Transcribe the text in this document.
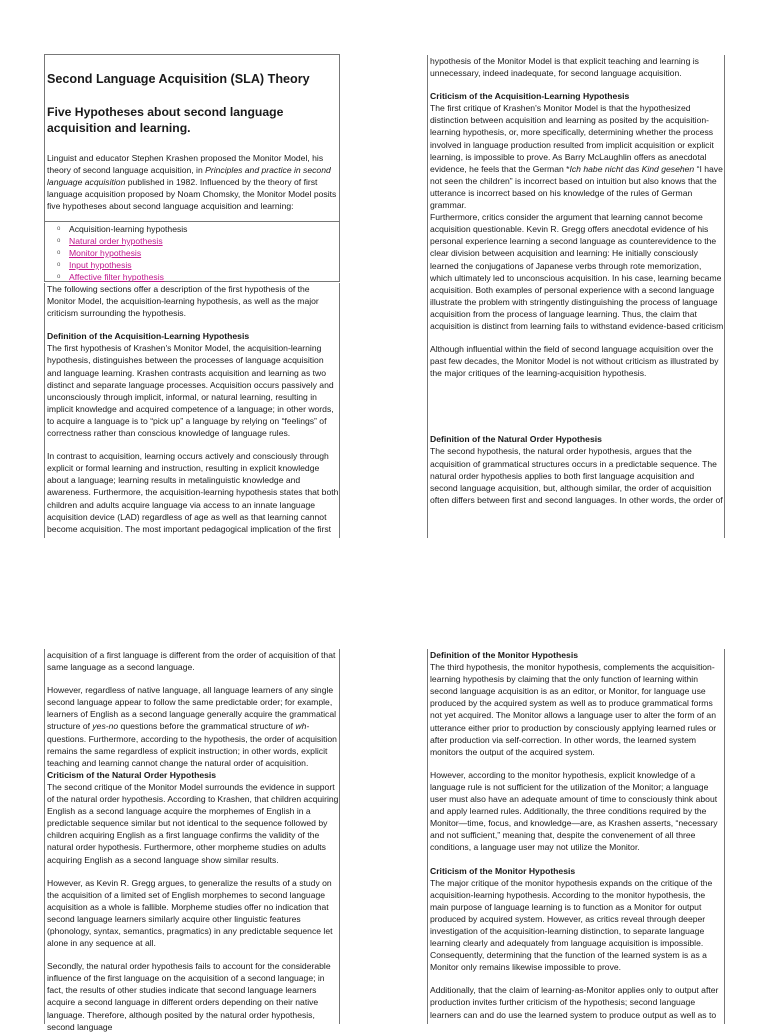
Second Language Acquisition (SLA) Theory
Five Hypotheses about second language acquisition and learning.

Linguist and educator Stephen Krashen proposed the Monitor Model, his theory of second language acquisition, in Principles and practice in second language acquisition published in 1982. Influenced by the theory of first language acquisition proposed by Noam Chomsky, the Monitor Model posits five hypotheses about second language acquisition and learning:

o Acquisition-learning hypothesis
o Natural order hypothesis
o Monitor hypothesis
o Input hypothesis
o Affective filter hypothesis

The following sections offer a description of the first hypothesis of the Monitor Model, the acquisition-learning hypothesis, as well as the major criticism surrounding the hypothesis.

Definition of the Acquisition-Learning Hypothesis

The first hypothesis of Krashen's Monitor Model, the acquisition-learning hypothesis, distinguishes between the processes of language acquisition and language learning. Krashen contrasts acquisition and learning as two distinct and separate language processes. Acquisition occurs passively and unconsciously through implicit, informal, or natural learning, resulting in implicit knowledge and acquired competence of a language; in other words, to acquire a language is to “pick up” a language by relying on “feelings” of correctness rather than conscious knowledge of language rules.

In contrast to acquisition, learning occurs actively and consciously through explicit or formal learning and instruction, resulting in explicit knowledge about a language; learning results in metalinguistic knowledge and awareness. Furthermore, the acquisition-learning hypothesis states that both children and adults acquire language via access to an innate language acquisition device (LAD) regardless of age as well as that learning cannot become acquisition. The most important pedagogical implication of the first

hypothesis of the Monitor Model is that explicit teaching and learning is unnecessary, indeed inadequate, for second language acquisition.

Criticism of the Acquisition-Learning Hypothesis

The first critique of Krashen's Monitor Model is that the hypothesized distinction between acquisition and learning as posited by the acquisition-learning hypothesis, or, more specifically, determining whether the process involved in language production resulted from implicit acquisition or explicit learning, is impossible to prove. As Barry McLaughlin offers as anecdotal evidence, he feels that the German *Ich habe nicht das Kind gesehen “I have not seen the children” is incorrect based on intuition but also knows that the utterance is incorrect based on his knowledge of the rules of German grammar.

Furthermore, critics consider the argument that learning cannot become acquisition questionable. Kevin R. Gregg offers anecdotal evidence of his personal experience learning a second language as counterevidence to the clear division between acquisition and learning: He initially consciously learned the conjugations of Japanese verbs through rote memorization, which ultimately led to unconscious acquisition. In his case, learning became acquisition. Both examples of personal experience with a second language illustrate the problem with stringently distinguishing the process of language acquisition from the process of language learning. Thus, the claim that acquisition is distinct from learning fails to withstand evidence-based criticism

Although influential within the field of second language acquisition over the past few decades, the Monitor Model is not without criticism as illustrated by the major critiques of the learning-acquisition hypothesis.

Definition of the Natural Order Hypothesis

The second hypothesis, the natural order hypothesis, argues that the acquisition of grammatical structures occurs in a predictable sequence. The natural order hypothesis applies to both first language acquisition and second language acquisition, but, although similar, the order of acquisition often differs between first and second languages. In other words, the order of

acquisition of a first language is different from the order of acquisition of that same language as a second language.

However, regardless of native language, all language learners of any single second language appear to follow the same predictable order; for example, learners of English as a second language generally acquire the grammatical structure of yes-no questions before the grammatical structure of wh- questions. Furthermore, according to the hypothesis, the order of acquisition remains the same regardless of explicit instruction; in other words, explicit teaching and learning cannot change the natural order of acquisition.

Criticism of the Natural Order Hypothesis

The second critique of the Monitor Model surrounds the evidence in support of the natural order hypothesis. According to Krashen, that children acquiring English as a second language acquire the morphemes of English in a predictable sequence similar but not identical to the sequence followed by children acquiring English as a first language confirms the validity of the natural order hypothesis. Furthermore, other morpheme studies on adults acquiring English as a second language show similar results.

However, as Kevin R. Gregg argues, to generalize the results of a study on the acquisition of a limited set of English morphemes to second language acquisition as a whole is fallible. Morpheme studies offer no indication that second language learners similarly acquire other linguistic features (phonology, syntax, semantics, pragmatics) in any predictable sequence let alone in any sequence at all.

Secondly, the natural order hypothesis fails to account for the considerable influence of the first language on the acquisition of a second language; in fact, the results of other studies indicate that second language learners acquire a second language in different orders depending on their native language. Therefore, although posited by the natural order hypothesis, second language

Definition of the Monitor Hypothesis

The third hypothesis, the monitor hypothesis, complements the acquisition-learning hypothesis by claiming that the only function of learning within second language acquisition is as an editor, or Monitor, for language use produced by the acquired system as well as to produce grammatical forms not yet acquired. The Monitor allows a language user to alter the form of an utterance either prior to production by consciously applying learned rules or after production via self-correction. In other words, the learned system monitors the output of the acquired system.

However, according to the monitor hypothesis, explicit knowledge of a language rule is not sufficient for the utilization of the Monitor; a language user must also have an adequate amount of time to consciously think about and apply learned rules. Additionally, the three conditions required by the Monitor—time, focus, and knowledge—are, as Krashen asserts, “necessary and not sufficient,” meaning that, despite the convenement of all three conditions, a language user may not utilize the Monitor.

Criticism of the Monitor Hypothesis

The major critique of the monitor hypothesis expands on the critique of the acquisition-learning hypothesis. According to the monitor hypothesis, the main purpose of language learning is to function as a Monitor for output produced by acquired system. However, as critics reveal through deeper investigation of the acquisition-learning distinction, to separate language learning clearly and adequately from language acquisition is impossible. Consequently, determining that the function of the learned system is as a Monitor only remains likewise impossible to prove.

Additionally, that the claim of learning-as-Monitor applies only to output after production invites further criticism of the hypothesis; second language learners can and do use the learned system to produce output as well as to
